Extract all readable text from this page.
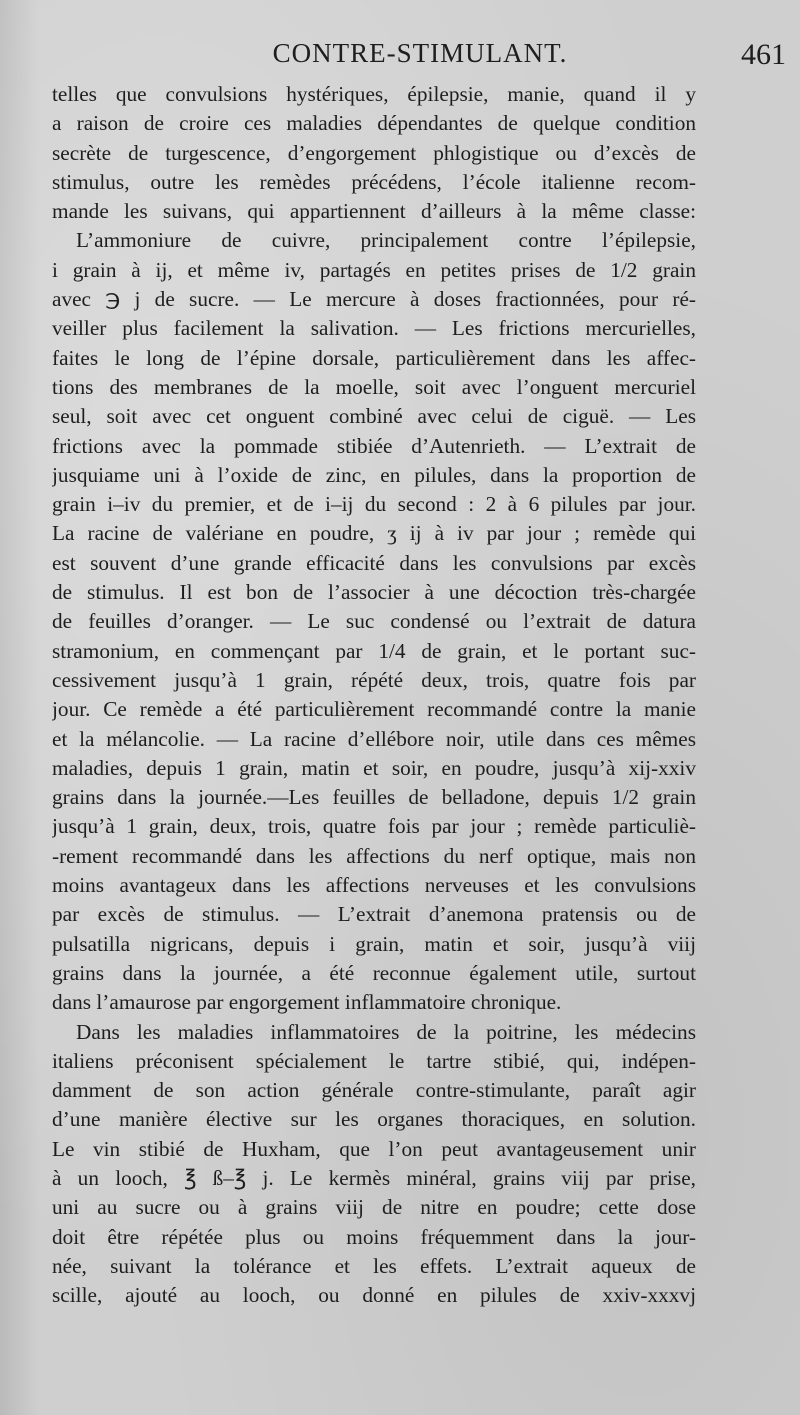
CONTRE-STIMULANT.	461
telles que convulsions hystériques, épilepsie, manie, quand il y
a raison de croire ces maladies dépendantes de quelque condition
secrète de turgescence, d’engorgement phlogistique ou d’excès de
stimulus, outre les remèdes précédens, l’école italienne recom-
mande les suivans, qui appartiennent d’ailleurs à la même classe:
L’ammoniure de cuivre, principalement contre l’épilepsie,
i grain à ij, et même iv, partagés en petites prises de 1/2 grain
avec ℈ j de sucre. — Le mercure à doses fractionnées, pour ré-
veiller plus facilement la salivation. — Les frictions mercurielles,
faites le long de l’épine dorsale, particulièrement dans les affec-
tions des membranes de la moelle, soit avec l’onguent mercuriel
seul, soit avec cet onguent combiné avec celui de ciguë. — Les
frictions avec la pommade stibiée d’Autenrieth. — L’extrait de
jusquiame uni à l’oxide de zinc, en pilules, dans la proportion de
grain i–iv du premier, et de i–ij du second : 2 à 6 pilules par jour.
La racine de valériane en poudre, ʒ ij à iv par jour ; remède qui
est souvent d’une grande efficacité dans les convulsions par excès
de stimulus. Il est bon de l’associer à une décoction très-chargée
de feuilles d’oranger. — Le suc condensé ou l’extrait de datura
stramonium, en commençant par 1/4 de grain, et le portant suc-
cessivement jusqu’à 1 grain, répété deux, trois, quatre fois par
jour. Ce remède a été particulièrement recommandé contre la manie
et la mélancolie. — La racine d’ellébore noir, utile dans ces mêmes
maladies, depuis 1 grain, matin et soir, en poudre, jusqu’à xij-xxiv
grains dans la journée.—Les feuilles de belladone, depuis 1/2 grain
jusqu’à 1 grain, deux, trois, quatre fois par jour ; remède particuliè-
-rement recommandé dans les affections du nerf optique, mais non
moins avantageux dans les affections nerveuses et les convulsions
par excès de stimulus. — L’extrait d’anemona pratensis ou de
pulsatilla nigricans, depuis i grain, matin et soir, jusqu’à viij
grains dans la journée, a été reconnue également utile, surtout
dans l’amaurose par engorgement inflammatoire chronique.
Dans les maladies inflammatoires de la poitrine, les médecins
italiens préconisent spécialement le tartre stibié, qui, indépen-
damment de son action générale contre-stimulante, paraît agir
d’une manière élective sur les organes thoraciques, en solution.
Le vin stibié de Huxham, que l’on peut avantageusement unir
à un looch, ℥ ß–℥ j. Le kermès minéral, grains viij par prise,
uni au sucre ou à grains viij de nitre en poudre; cette dose
doit être répétée plus ou moins fréquemment dans la jour-
née, suivant la tolérance et les effets. L’extrait aqueux de
scille, ajouté au looch, ou donné en pilules de xxiv-xxxvj
